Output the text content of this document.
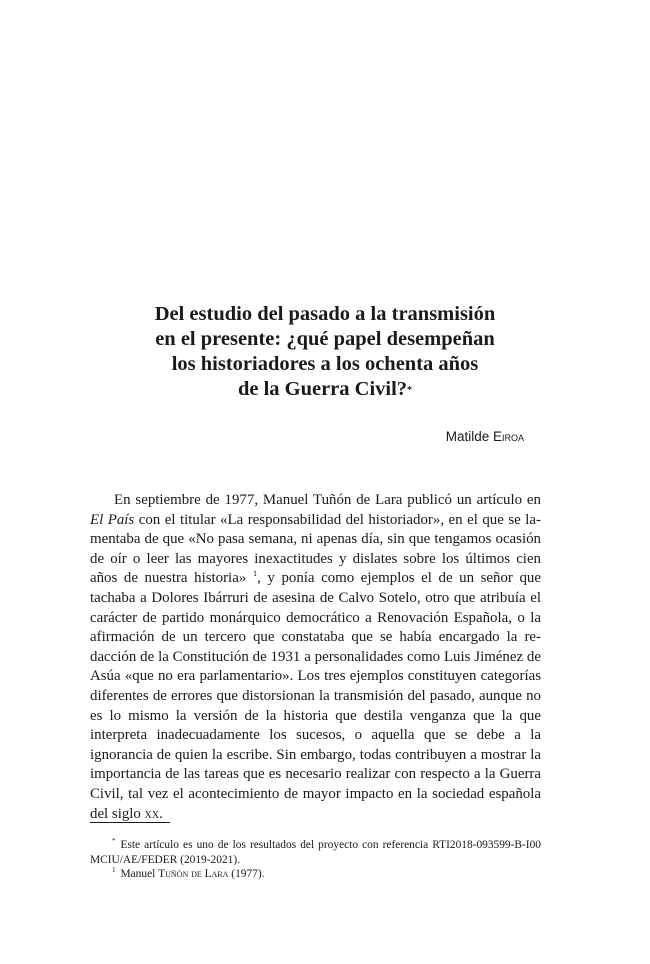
Del estudio del pasado a la transmisión
en el presente: ¿qué papel desempeñan
los historiadores a los ochenta años
de la Guerra Civil?*

Matilde Eiroa

En septiembre de 1977, Manuel Tuñón de Lara publicó un artículo en El País con el titular «La responsabilidad del historiador», en el que se lamentaba de que «No pasa semana, ni apenas día, sin que tengamos ocasión de oír o leer las mayores inexactitudes y dislates sobre los últimos cien años de nuestra historia» $^1$, y ponía como ejemplos el de un señor que tachaba a Dolores Ibárruri de asesina de Calvo Sotelo, otro que atribuía el carácter de partido monárquico democrático a Renovación Española, o la afirmación de un tercero que constataba que se había encargado la redacción de la Constitución de 1931 a personalidades como Luis Jiménez de Asúa «que no era parlamentario». Los tres ejemplos constituyen categorías diferentes de errores que distorsionan la transmisión del pasado, aunque no es lo mismo la versión de la historia que destila venganza que la que interpreta inadecuadamente los sucesos, o aquella que se debe a la ignorancia de quien la escribe. Sin embargo, todas contribuyen a mostrar la importancia de las tareas que es necesario realizar con respecto a la Guerra Civil, tal vez el acontecimiento de mayor impacto en la sociedad española del siglo xx.

* Este artículo es uno de los resultados del proyecto con referencia RTI2018-093599-B-I00 MCIU/AE/FEDER (2019-2021).

$^1$ Manuel Tuñón de Lara (1977).
